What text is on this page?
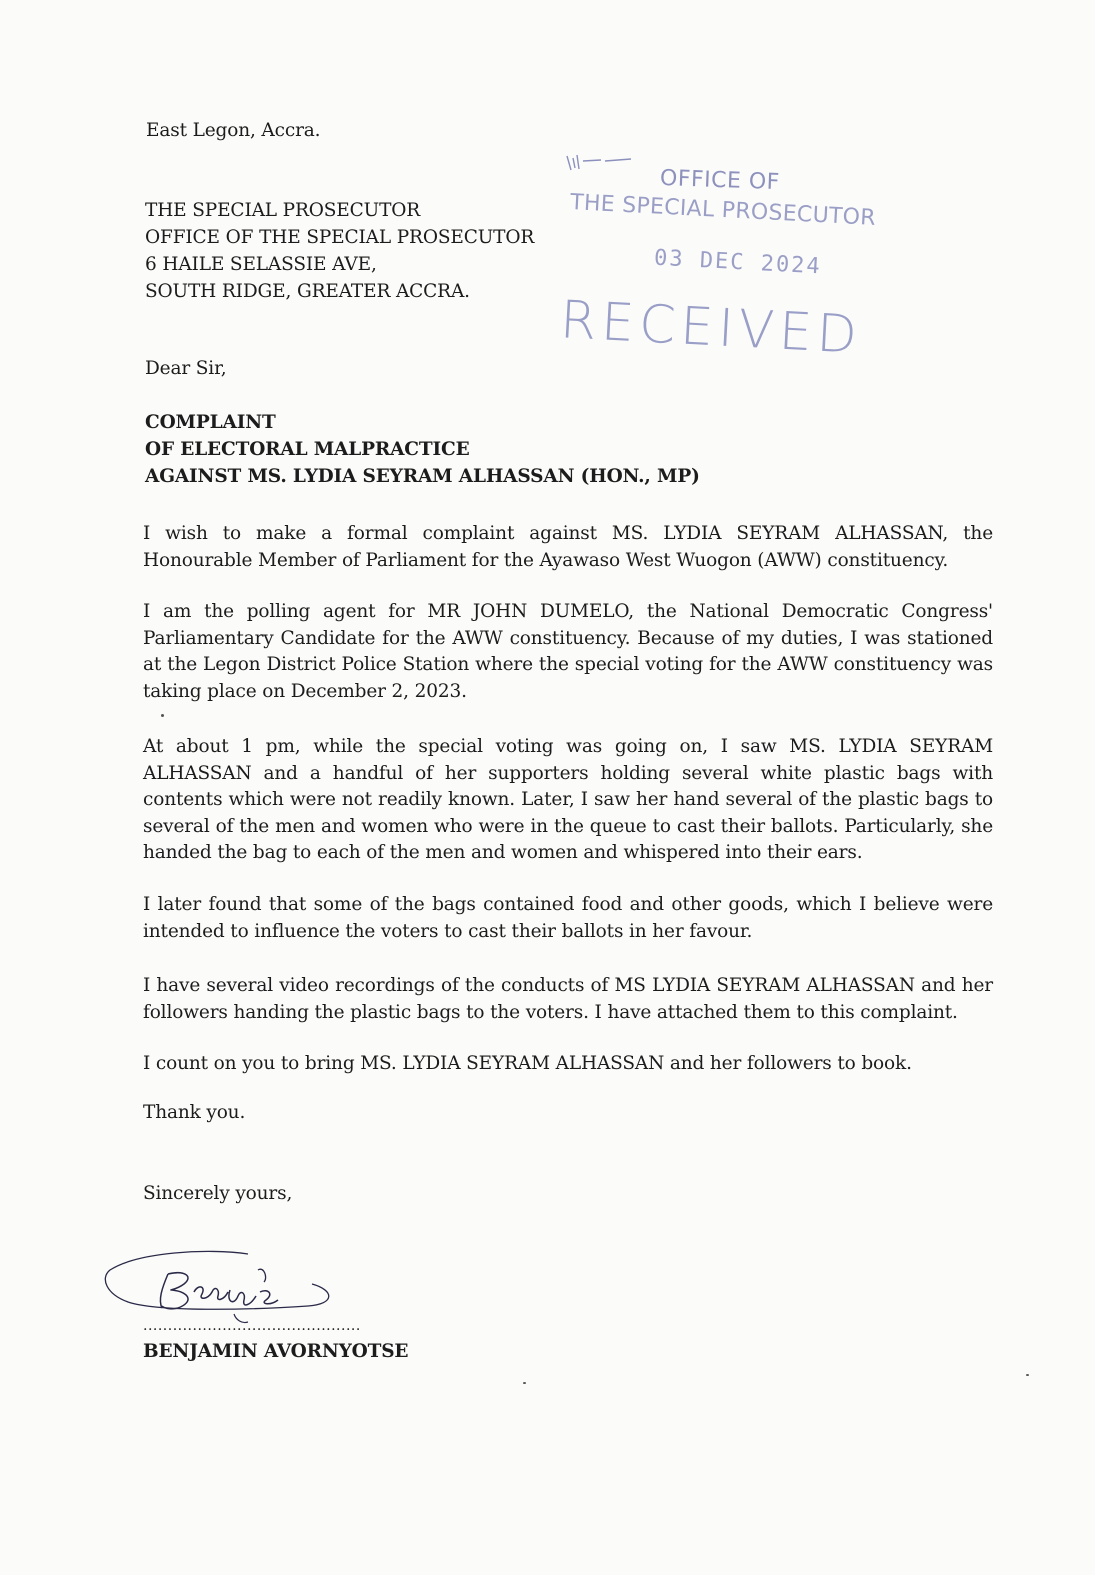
East Legon, Accra.

THE SPECIAL PROSECUTOR

OFFICE OF THE SPECIAL PROSECUTOR

6 HAILE SELASSIE AVE,

SOUTH RIDGE, GREATER ACCRA.

OFFICE OF
THE SPECIAL PROSECUTOR
03 DEC 2024
RECEIVED

Dear Sir,

COMPLAINT

OF ELECTORAL MALPRACTICE

AGAINST MS. LYDIA SEYRAM ALHASSAN (HON., MP)

I wish to make a formal complaint against MS. LYDIA SEYRAM ALHASSAN, the Honourable Member of Parliament for the Ayawaso West Wuogon (AWW) constituency.

I am the polling agent for MR JOHN DUMELO, the National Democratic Congress' Parliamentary Candidate for the AWW constituency. Because of my duties, I was stationed at the Legon District Police Station where the special voting for the AWW constituency was taking place on December 2, 2023.

At about 1 pm, while the special voting was going on, I saw MS. LYDIA SEYRAM ALHASSAN and a handful of her supporters holding several white plastic bags with contents which were not readily known. Later, I saw her hand several of the plastic bags to several of the men and women who were in the queue to cast their ballots. Particularly, she handed the bag to each of the men and women and whispered into their ears.

I later found that some of the bags contained food and other goods, which I believe were intended to influence the voters to cast their ballots in her favour.

I have several video recordings of the conducts of MS LYDIA SEYRAM ALHASSAN and her followers handing the plastic bags to the voters. I have attached them to this complaint.

I count on you to bring MS. LYDIA SEYRAM ALHASSAN and her followers to book.

Thank you.

Sincerely yours,

............................................

BENJAMIN AVORNYOTSE
